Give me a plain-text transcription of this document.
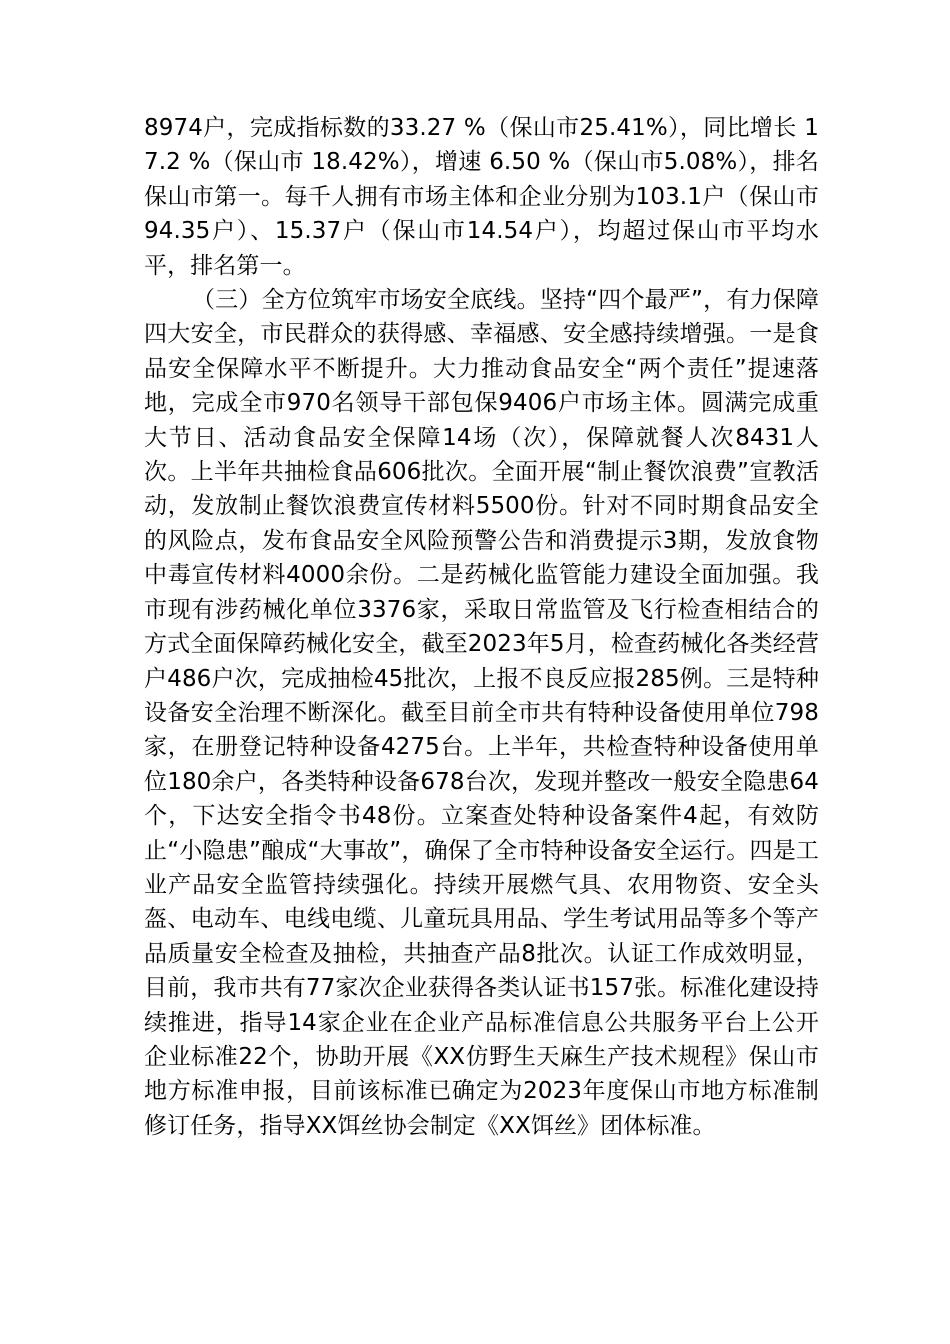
8974户，完成指标数的33.27 %（保山市25.41%），同比增长 17.2 %（保山市 18.42%），增速 6.50 %（保山市5.08%），排名保山市第一。每千人拥有市场主体和企业分别为103.1户（保山市94.35户）、15.37户（保山市14.54户），均超过保山市平均水平，排名第一。

（三）全方位筑牢市场安全底线。坚持“四个最严”，有力保障四大安全，市民群众的获得感、幸福感、安全感持续增强。一是食品安全保障水平不断提升。大力推动食品安全“两个责任”提速落地，完成全市970名领导干部包保9406户市场主体。圆满完成重大节日、活动食品安全保障14场（次），保障就餐人次8431人次。上半年共抽检食品606批次。全面开展“制止餐饮浪费”宣教活动，发放制止餐饮浪费宣传材料5500份。针对不同时期食品安全的风险点，发布食品安全风险预警公告和消费提示3期，发放食物中毒宣传材料4000余份。二是药械化监管能力建设全面加强。我市现有涉药械化单位3376家，采取日常监管及飞行检查相结合的方式全面保障药械化安全，截至2023年5月，检查药械化各类经营户486户次，完成抽检45批次，上报不良反应报285例。三是特种设备安全治理不断深化。截至目前全市共有特种设备使用单位798家，在册登记特种设备4275台。上半年，共检查特种设备使用单位180余户，各类特种设备678台次，发现并整改一般安全隐患64个，下达安全指令书48份。立案查处特种设备案件4起，有效防止“小隐患”酿成“大事故”，确保了全市特种设备安全运行。四是工业产品安全监管持续强化。持续开展燃气具、农用物资、安全头盔、电动车、电线电缆、儿童玩具用品、学生考试用品等多个等产品质量安全检查及抽检，共抽查产品8批次。认证工作成效明显，目前，我市共有77家次企业获得各类认证书157张。标准化建设持续推进，指导14家企业在企业产品标准信息公共服务平台上公开企业标准22个，协助开展《XX仿野生天麻生产技术规程》保山市地方标准申报，目前该标准已确定为2023年度保山市地方标准制修订任务，指导XX饵丝协会制定《XX饵丝》团体标准。
